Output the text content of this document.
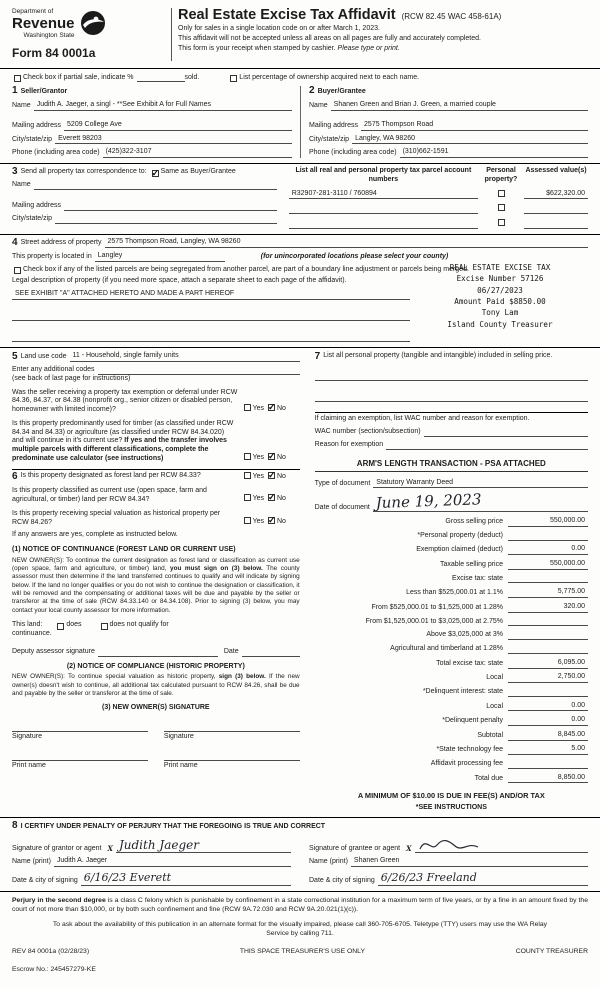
Department of
Revenue
Washington State
Form 84 0001a
Real Estate Excise Tax Affidavit (RCW 82.45 WAC 458-61A)
Only for sales in a single location code on or after March 1, 2023.
This affidavit will not be accepted unless all areas on all pages are fully and accurately completed.
This form is your receipt when stamped by cashier. Please type or print.
Check box if partial sale, indicate %	sold.	List percentage of ownership acquired next to each name.
1 Seller/Grantor
Name Judith A. Jaeger, a singl - **See Exhibit A for Full Names
Mailing address 5209 College Ave
City/state/zip Everett 98203
Phone (including area code) (425)322-3107
2 Buyer/Grantee
Name Shanen Green and Brian J. Green, a married couple
Mailing address 2575 Thompson Road
City/state/zip Langley, WA 98260
Phone (including area code) (310)662-1591
3 Send all property tax correspondence to: ✓	Same as Buyer/Grantee
Name
Mailing address
City/state/zip
List all real and personal property tax parcel account numbers
Personal property?
Assessed value(s)
R32907-281-3110 / 760894	$622,320.00
4 Street address of property 2575 Thompson Road, Langley, WA 98260
This property is located in Langley	(for unincorporated locations please select your county)
Check box if any of the listed parcels are being segregated from another parcel, are part of a boundary line adjustment or parcels being merged.
Legal description of property (if you need more space, attach a separate sheet to each page of the affidavit).
SEE EXHIBIT "A" ATTACHED HERETO AND MADE A PART HEREOF
REAL ESTATE EXCISE TAX
Excise Number 57126
06/27/2023
Amount Paid $8850.00
Tony Lam
Island County Treasurer
5 Land use code 11 - Household, single family units
Enter any additional codes
(see back of last page for instructions)
Was the seller receiving a property tax exemption or deferral under RCW 84.36, 84.37, or 84.38 (nonprofit org., senior citizen or disabled person, homeowner with limited income)?	Yes ✓ No
Is this property predominantly used for timber (as classified under RCW 84.34 and 84.33) or agriculture (as classified under RCW 84.34.020) and will continue in it's current use? If yes and the transfer involves multiple parcels with different classifications, complete the predominate use calculator (see instructions)	Yes ✓ No
6 Is this property designated as forest land per RCW 84.33?	Yes ✓ No
Is this property classified as current use (open space, farm and agricultural, or timber) land per RCW 84.34?	Yes ✓ No
Is this property receiving special valuation as historical property per RCW 84.26?	Yes ✓ No
If any answers are yes, complete as instructed below.
(1) NOTICE OF CONTINUANCE (FOREST LAND OR CURRENT USE)
NEW OWNER(S): To continue the current designation as forest land or classification as current use (open space, farm and agriculture, or timber) land, you must sign on (3) below. The county assessor must then determine if the land transferred continues to qualify and will indicate by signing below. If the land no longer qualifies or you do not wish to continue the designation or classification, it will be removed and the compensating or additional taxes will be due and payable by the seller or transferor at the time of sale (RCW 84.33.140 or 84.34.108). Prior to signing (3) below, you may contact your local county assessor for more information.
This land:	does	does not qualify for
continuance.
Deputy assessor signature	Date
(2) NOTICE OF COMPLIANCE (HISTORIC PROPERTY)
NEW OWNER(S): To continue special valuation as historic property, sign (3) below. If the new owner(s) doesn't wish to continue, all additional tax calculated pursuant to RCW 84.26, shall be due and payable by the seller or transferor at the time of sale.
(3) NEW OWNER(S) SIGNATURE
Signature
Print name
Signature
Print name
7 List all personal property (tangible and intangible) included in selling price.
If claiming an exemption, list WAC number and reason for exemption.
WAC number (section/subsection)
Reason for exemption
ARM'S LENGTH TRANSACTION - PSA ATTACHED
Type of document Statutory Warranty Deed
Date of document June 19, 2023
Gross selling price	550,000.00
*Personal property (deduct)
Exemption claimed (deduct)	0.00
Taxable selling price	550,000.00
Excise tax: state
Less than $525,000.01 at 1.1%	5,775.00
From $525,000.01 to $1,525,000 at 1.28%	320.00
From $1,525,000.01 to $3,025,000 at 2.75%
Above $3,025,000 at 3%
Agricultural and timberland at 1.28%
Total excise tax: state	6,095.00
Local	2,750.00
*Delinquent interest: state
Local	0.00
*Delinquent penalty	0.00
Subtotal	8,845.00
*State technology fee	5.00
Affidavit processing fee
Total due	8,850.00
A MINIMUM OF $10.00 IS DUE IN FEE(S) AND/OR TAX
*SEE INSTRUCTIONS
8 I CERTIFY UNDER PENALTY OF PERJURY THAT THE FOREGOING IS TRUE AND CORRECT
Signature of grantor or agent X Judith Jaeger
Name (print) Judith A. Jaeger
Date & city of signing 6/16/23 Everett
Signature of grantee or agent X
Name (print) Shanen Green
Date & city of signing 6/26/23 Freeland
Perjury in the second degree is a class C felony which is punishable by confinement in a state correctional institution for a maximum term of five years, or by a fine in an amount fixed by the court of not more than $10,000, or by both such confinement and fine (RCW 9A.72.030 and RCW 9A.20.021(1)(c)).
To ask about the availability of this publication in an alternate format for the visually impaired, please call 360-705-6705. Teletype (TTY) users may use the WA Relay Service by calling 711.
REV 84 0001a (02/28/23)	THIS SPACE TREASURER'S USE ONLY	COUNTY TREASURER
Escrow No.: 245457279-KE
